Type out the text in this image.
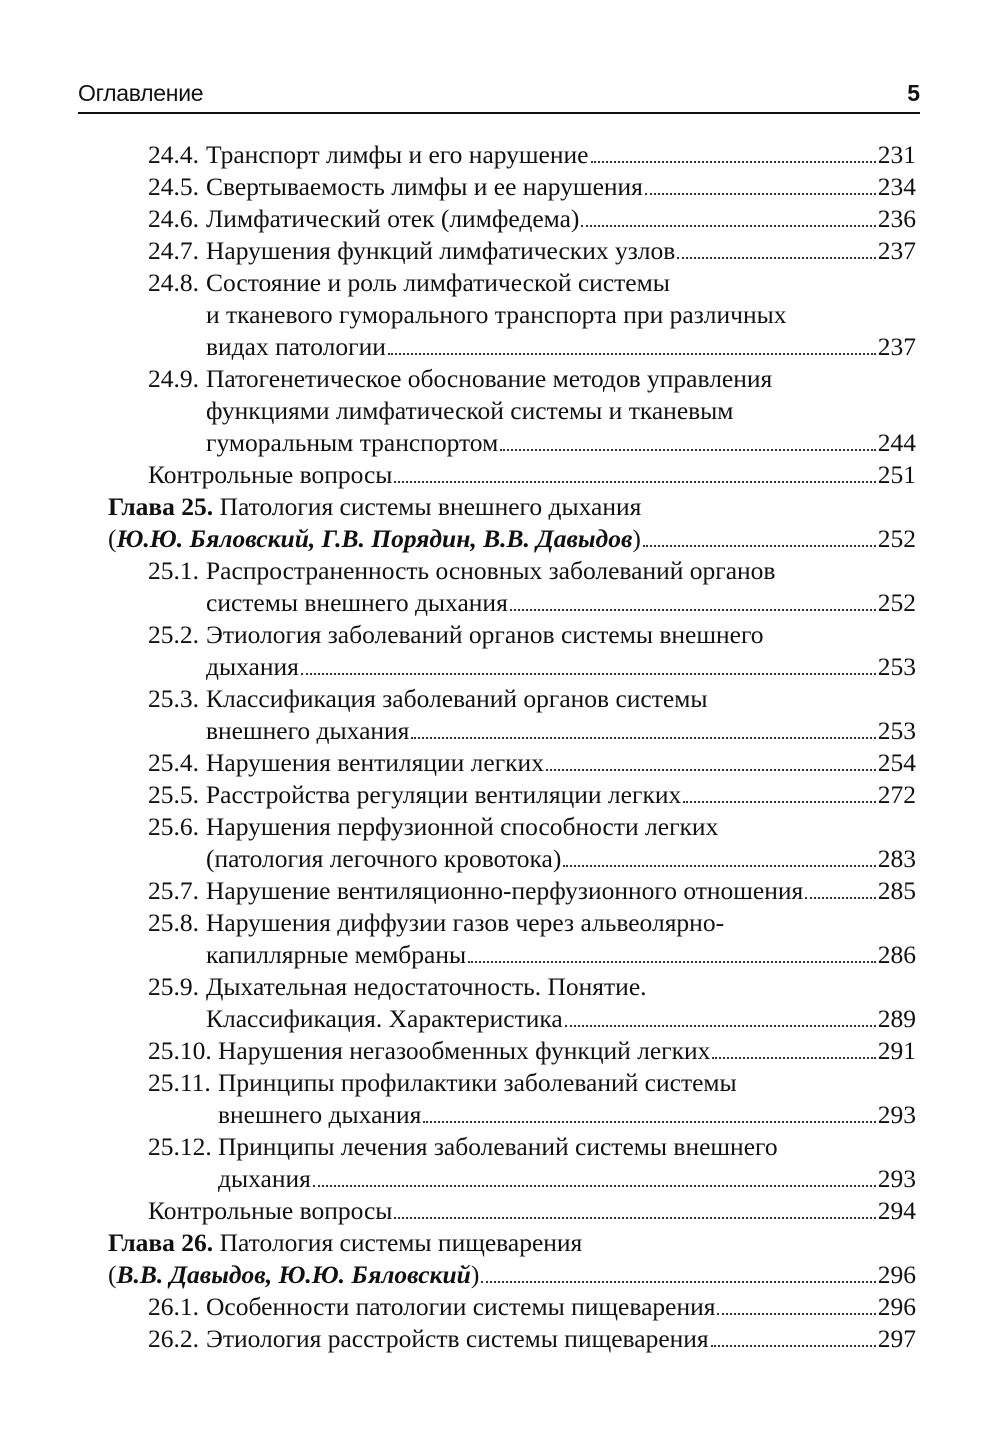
Оглавление	5
24.4. Транспорт лимфы и его нарушение	231
24.5. Свертываемость лимфы и ее нарушения	234
24.6. Лимфатический отек (лимфедема)	236
24.7. Нарушения функций лимфатических узлов	237
24.8. Состояние и роль лимфатической системы
и тканевого гуморального транспорта при различных
видах патологии	237
24.9. Патогенетическое обоснование методов управления
функциями лимфатической системы и тканевым
гуморальным транспортом	244
Контрольные вопросы	251
Глава 25. Патология системы внешнего дыхания
(Ю.Ю. Бяловский, Г.В. Порядин, В.В. Давыдов)	252
25.1. Распространенность основных заболеваний органов
системы внешнего дыхания	252
25.2. Этиология заболеваний органов системы внешнего
дыхания	253
25.3. Классификация заболеваний органов системы
внешнего дыхания	253
25.4. Нарушения вентиляции легких	254
25.5. Расстройства регуляции вентиляции легких	272
25.6. Нарушения перфузионной способности легких
(патология легочного кровотока)	283
25.7. Нарушение вентиляционно-перфузионного отношения	285
25.8. Нарушения диффузии газов через альвеолярно-
капиллярные мембраны	286
25.9. Дыхательная недостаточность. Понятие.
Классификация. Характеристика	289
25.10. Нарушения негазообменных функций легких	291
25.11. Принципы профилактики заболеваний системы
внешнего дыхания	293
25.12. Принципы лечения заболеваний системы внешнего
дыхания	293
Контрольные вопросы	294
Глава 26. Патология системы пищеварения
(В.В. Давыдов, Ю.Ю. Бяловский)	296
26.1. Особенности патологии системы пищеварения	296
26.2. Этиология расстройств системы пищеварения	297
